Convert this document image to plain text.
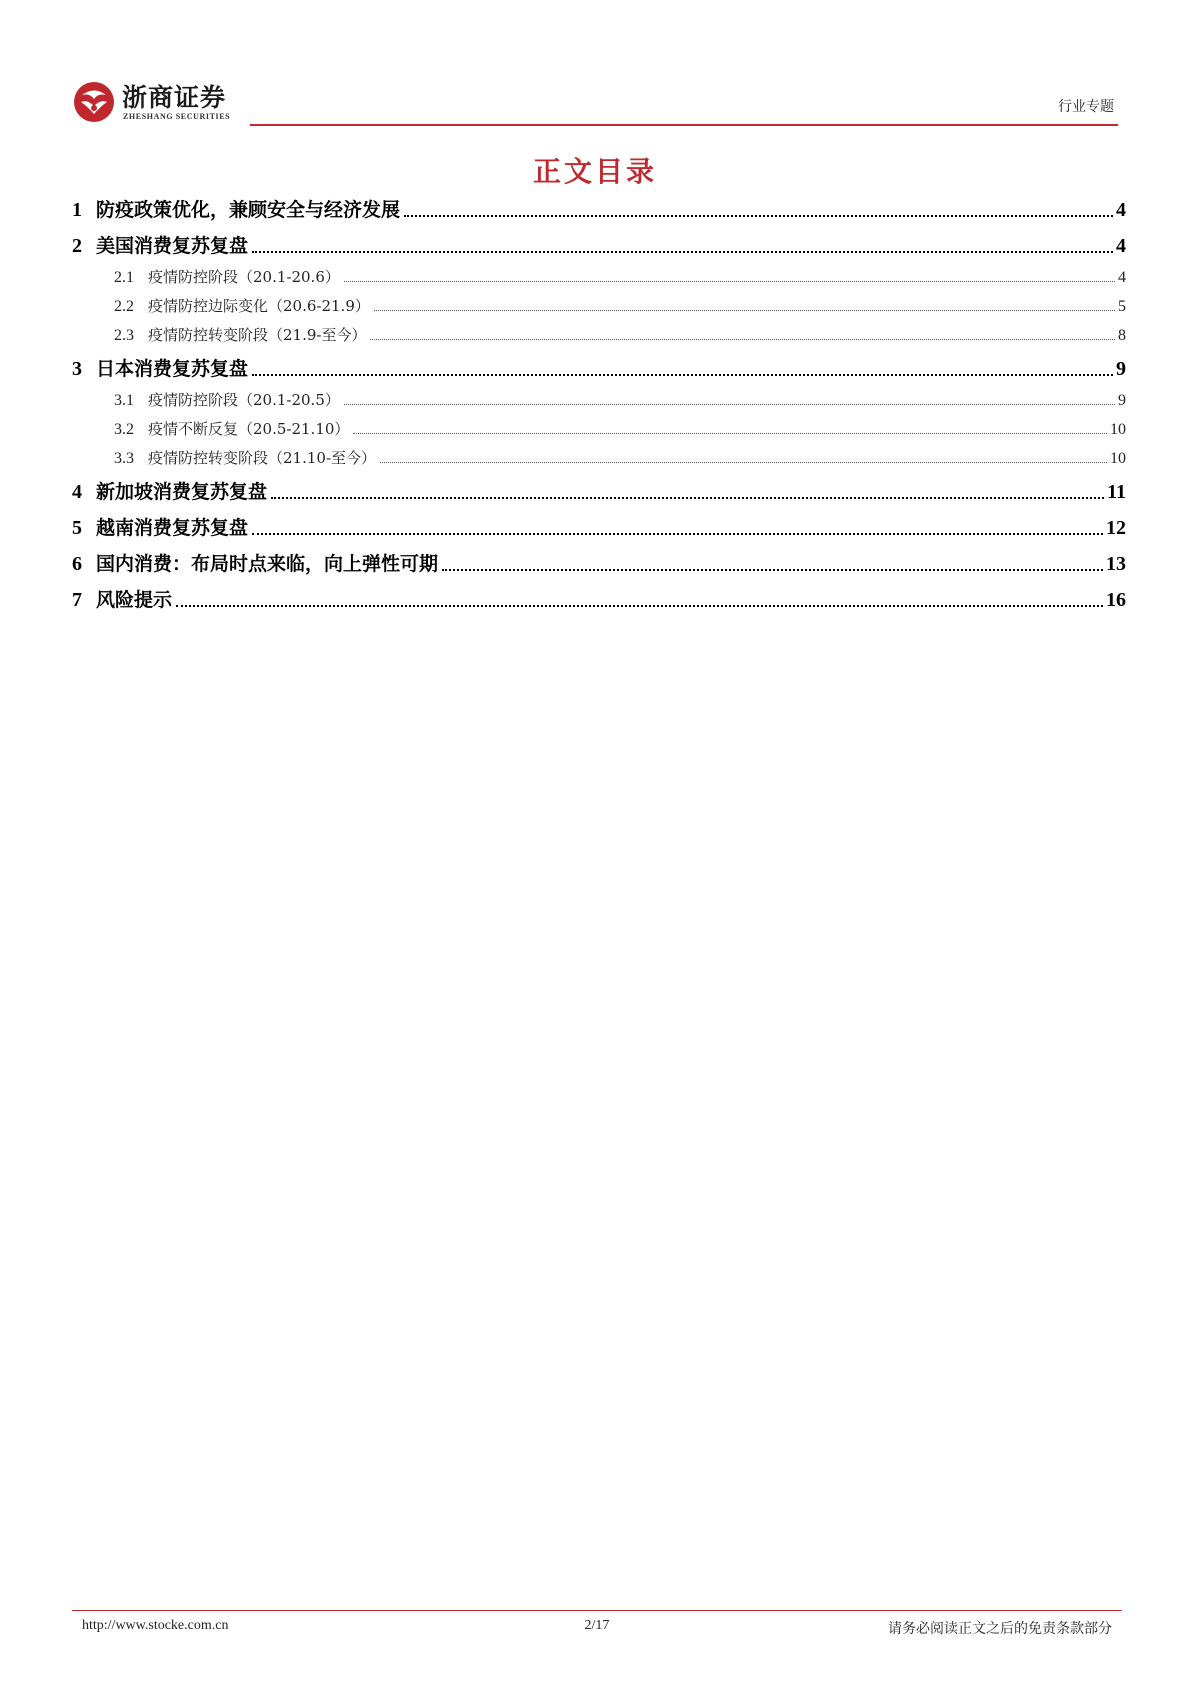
浙商证券
ZHESHANG SECURITIES
行业专题
正文目录
1 防疫政策优化，兼顾安全与经济发展	4
2 美国消费复苏复盘	4
2.1 疫情防控阶段（20.1-20.6）	4
2.2 疫情防控边际变化（20.6-21.9）	5
2.3 疫情防控转变阶段（21.9-至今）	8
3 日本消费复苏复盘	9
3.1 疫情防控阶段（20.1-20.5）	9
3.2 疫情不断反复（20.5-21.10）	10
3.3 疫情防控转变阶段（21.10-至今）	10
4 新加坡消费复苏复盘	11
5 越南消费复苏复盘	12
6 国内消费：布局时点来临，向上弹性可期	13
7 风险提示	16
http://www.stocke.com.cn	2/17	请务必阅读正文之后的免责条款部分
